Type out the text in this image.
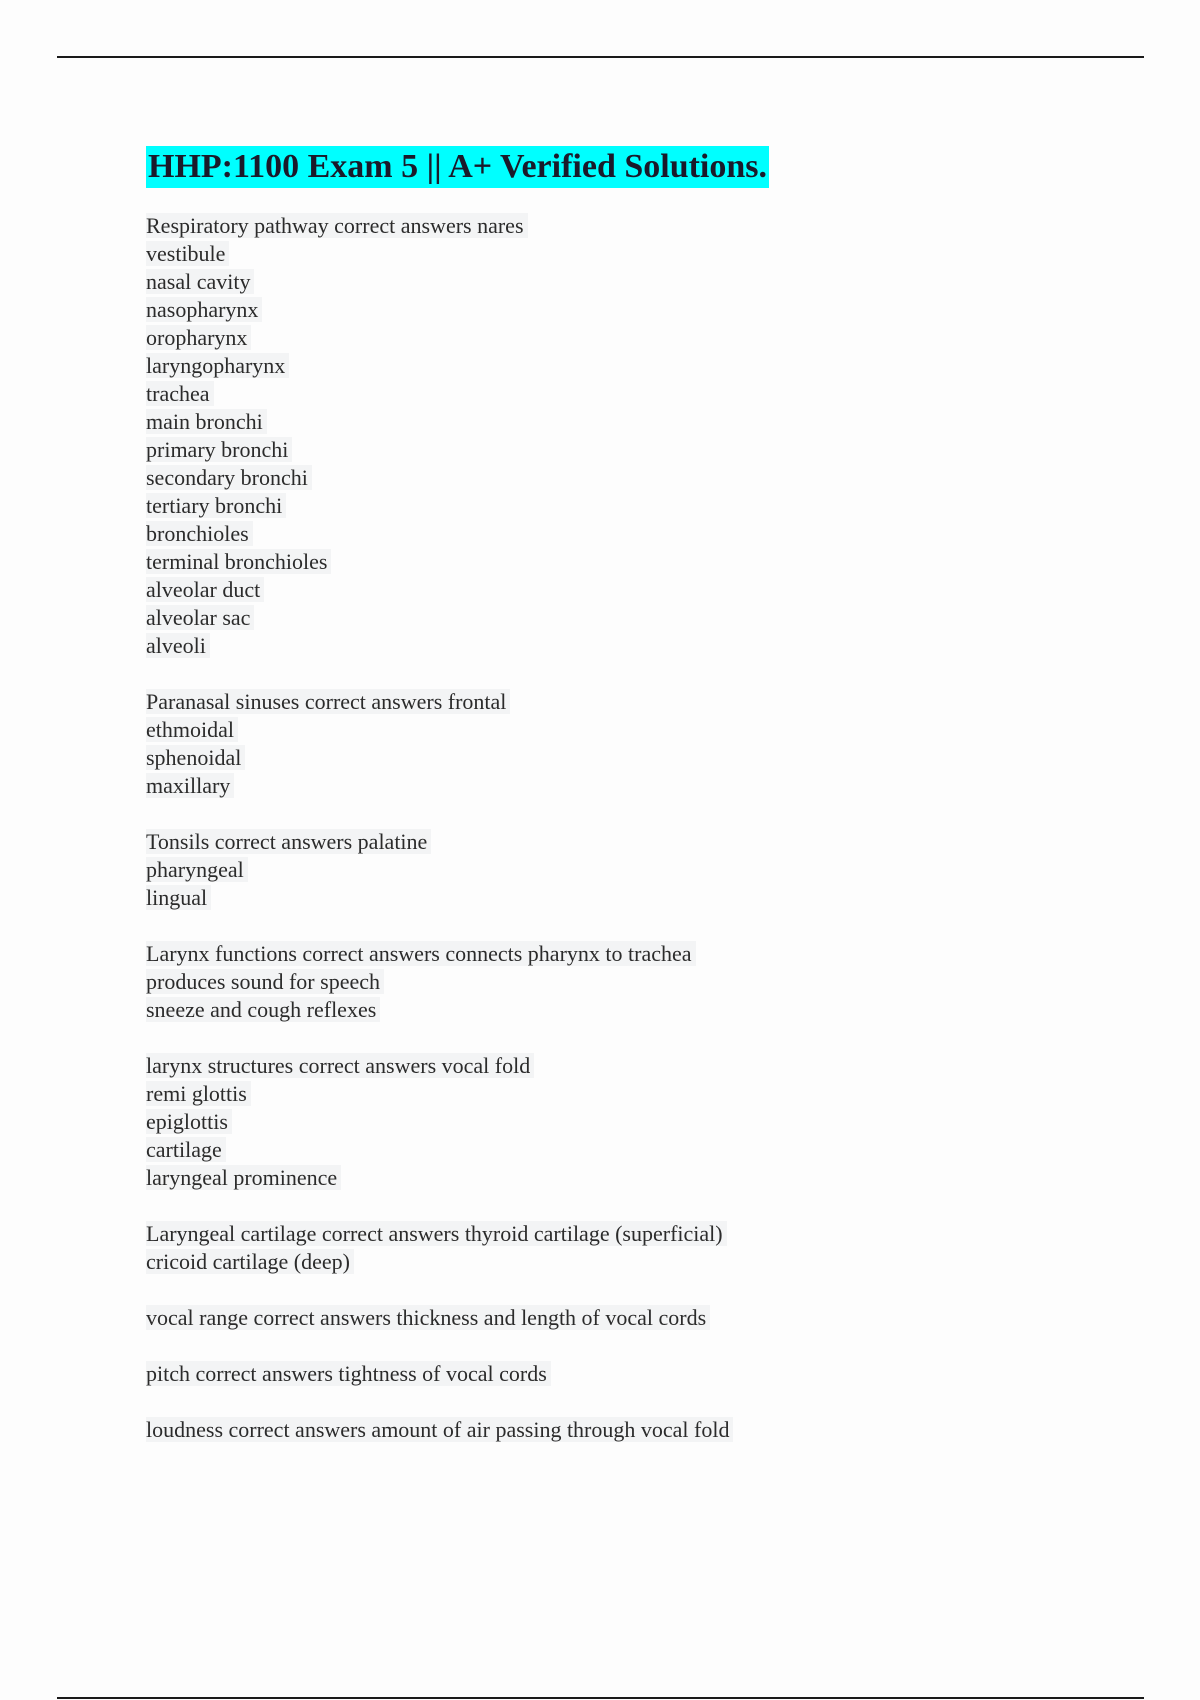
HHP:1100 Exam 5 || A+ Verified Solutions.
Respiratory pathway correct answers nares
vestibule
nasal cavity
nasopharynx
oropharynx
laryngopharynx
trachea
main bronchi
primary bronchi
secondary bronchi
tertiary bronchi
bronchioles
terminal bronchioles
alveolar duct
alveolar sac
alveoli
Paranasal sinuses correct answers frontal
ethmoidal
sphenoidal
maxillary
Tonsils correct answers palatine
pharyngeal
lingual
Larynx functions correct answers connects pharynx to trachea
produces sound for speech
sneeze and cough reflexes
larynx structures correct answers vocal fold
remi glottis
epiglottis
cartilage
laryngeal prominence
Laryngeal cartilage correct answers thyroid cartilage (superficial)
cricoid cartilage (deep)
vocal range correct answers thickness and length of vocal cords
pitch correct answers tightness of vocal cords
loudness correct answers amount of air passing through vocal fold
